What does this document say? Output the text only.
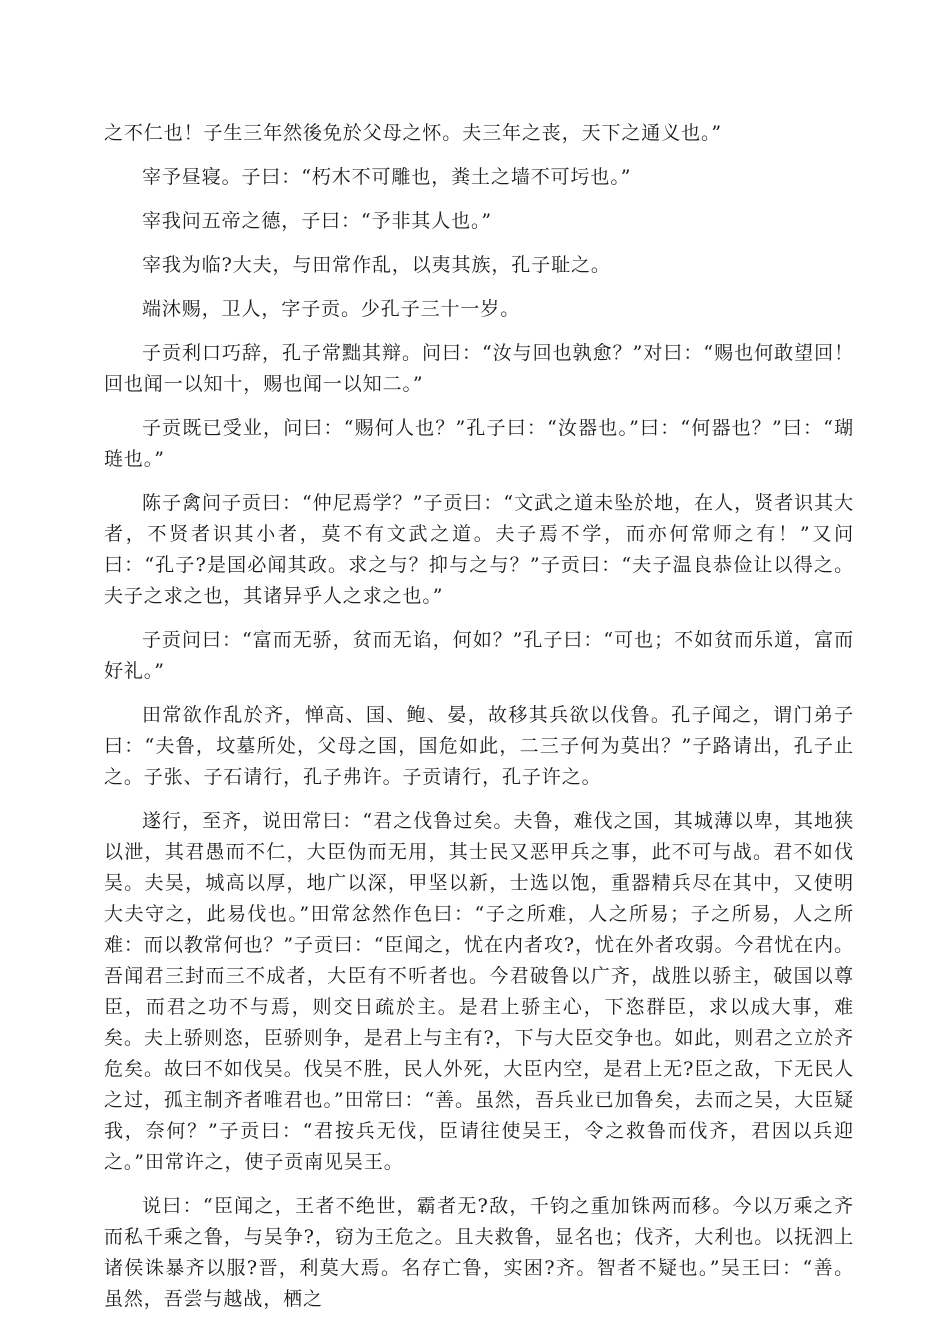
之不仁也！子生三年然後免於父母之怀。夫三年之丧，天下之通义也。”

宰予昼寝。子曰：“朽木不可雕也，粪土之墙不可圬也。”

宰我问五帝之德，子曰：“予非其人也。”

宰我为临?大夫，与田常作乱，以夷其族，孔子耻之。

端沐赐，卫人，字子贡。少孔子三十一岁。

子贡利口巧辞，孔子常黜其辩。问曰：“汝与回也孰愈？”对曰：“赐也何敢望回！回也闻一以知十，赐也闻一以知二。”

子贡既已受业，问曰：“赐何人也？”孔子曰：“汝器也。”曰：“何器也？”曰：“瑚琏也。”

陈子禽问子贡曰：“仲尼焉学？”子贡曰：“文武之道未坠於地，在人，贤者识其大者，不贤者识其小者，莫不有文武之道。夫子焉不学，而亦何常师之有！”又问曰：“孔子?是国必闻其政。求之与？抑与之与？”子贡曰：“夫子温良恭俭让以得之。夫子之求之也，其诸异乎人之求之也。”

子贡问曰：“富而无骄，贫而无谄，何如？”孔子曰：“可也；不如贫而乐道，富而好礼。”

田常欲作乱於齐，惮高、国、鲍、晏，故移其兵欲以伐鲁。孔子闻之，谓门弟子曰：“夫鲁，坟墓所处，父母之国，国危如此，二三子何为莫出？”子路请出，孔子止之。子张、子石请行，孔子弗许。子贡请行，孔子许之。

遂行，至齐，说田常曰：“君之伐鲁过矣。夫鲁，难伐之国，其城薄以卑，其地狭以泄，其君愚而不仁，大臣伪而无用，其士民又恶甲兵之事，此不可与战。君不如伐吴。夫吴，城高以厚，地广以深，甲坚以新，士选以饱，重器精兵尽在其中，又使明大夫守之，此易伐也。”田常忿然作色曰：“子之所难，人之所易；子之所易，人之所难：而以教常何也？”子贡曰：“臣闻之，忧在内者攻?，忧在外者攻弱。今君忧在内。吾闻君三封而三不成者，大臣有不听者也。今君破鲁以广齐，战胜以骄主，破国以尊臣，而君之功不与焉，则交日疏於主。是君上骄主心，下恣群臣，求以成大事，难矣。夫上骄则恣，臣骄则争，是君上与主有?，下与大臣交争也。如此，则君之立於齐危矣。故曰不如伐吴。伐吴不胜，民人外死，大臣内空，是君上无?臣之敌，下无民人之过，孤主制齐者唯君也。”田常曰：“善。虽然，吾兵业已加鲁矣，去而之吴，大臣疑我，奈何？”子贡曰：“君按兵无伐，臣请往使吴王，令之救鲁而伐齐，君因以兵迎之。”田常许之，使子贡南见吴王。

说曰：“臣闻之，王者不绝世，霸者无?敌，千钧之重加铢两而移。今以万乘之齐而私千乘之鲁，与吴争?，窃为王危之。且夫救鲁，显名也；伐齐，大利也。以抚泗上诸侯诛暴齐以服?晋，利莫大焉。名存亡鲁，实困?齐。智者不疑也。”吴王曰：“善。虽然，吾尝与越战，栖之
